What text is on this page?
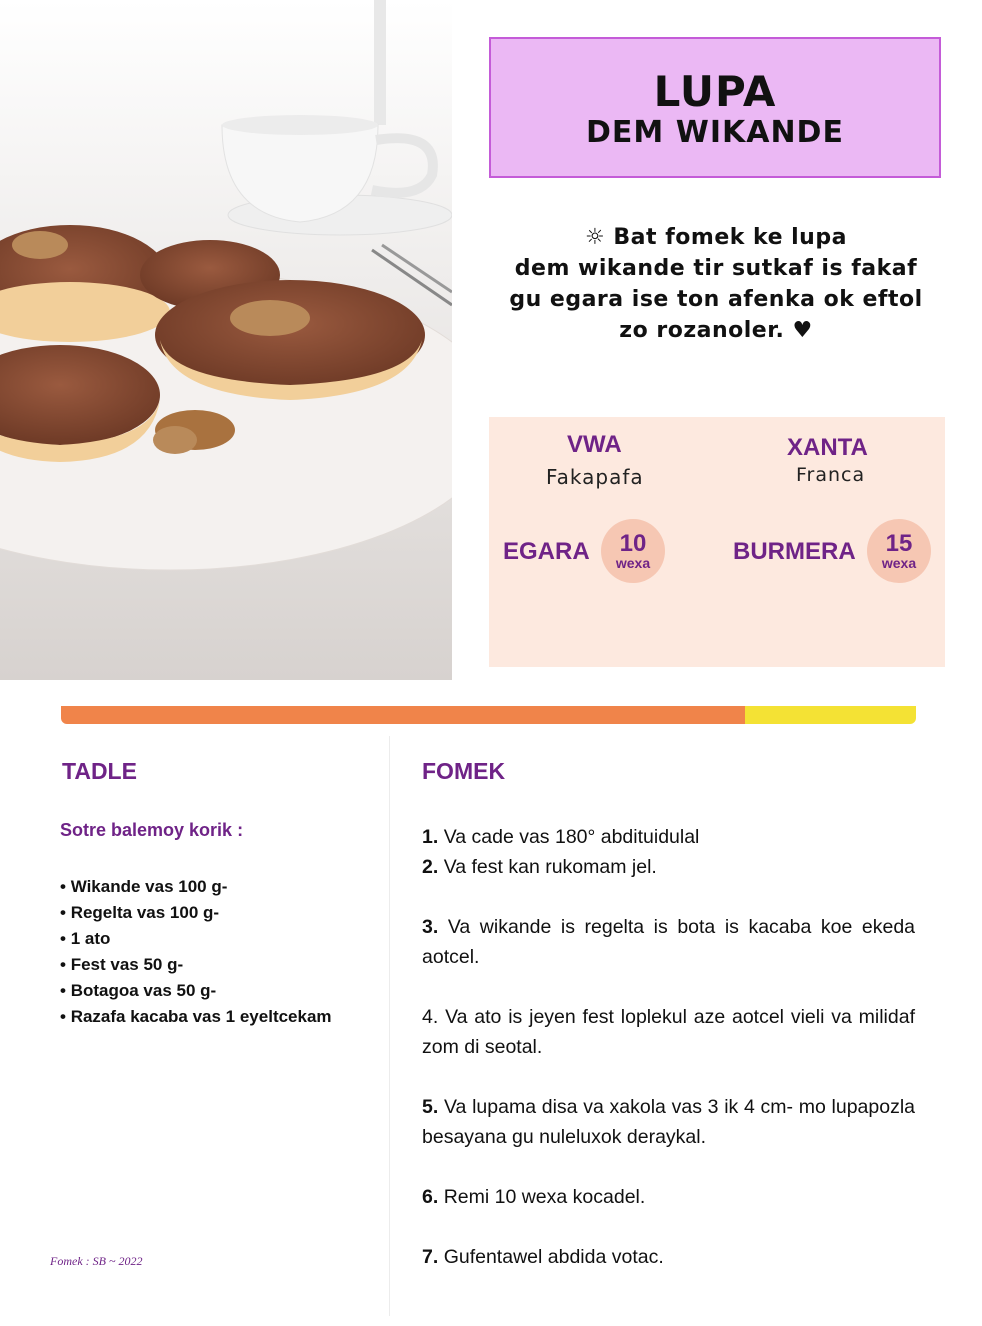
LUPA
DEM WIKANDE
☼ Bat fomek ke lupa
dem wikande tir sutkaf is fakaf
gu egara ise ton afenka ok eftol
zo rozanoler. ♥
VWA
Fakapafa
XANTA
Franca
EGARA	10
wexa	BURMERA	15
wexa
TADLE
Sotre balemoy korik :
• Wikande vas 100 g-
• Regelta vas 100 g-
• 1 ato
• Fest vas 50 g-
• Botagoa vas 50 g-
• Razafa kacaba vas 1 eyeltcekam
FOMEK

1. Va cade vas 180° abdituidulal

2. Va fest kan rukomam jel.

3. Va wikande is regelta is bota is kacaba koe ekeda aotcel.

4. Va ato is jeyen fest loplekul aze aotcel vieli va milidaf zom di seotal.

5. Va lupama disa va xakola vas 3 ik 4 cm- mo lupapozla besayana gu nuleluxok deraykal.

6. Remi 10 wexa kocadel.

7. Gufentawel abdida votac.

Fomek : SB ~ 2022
